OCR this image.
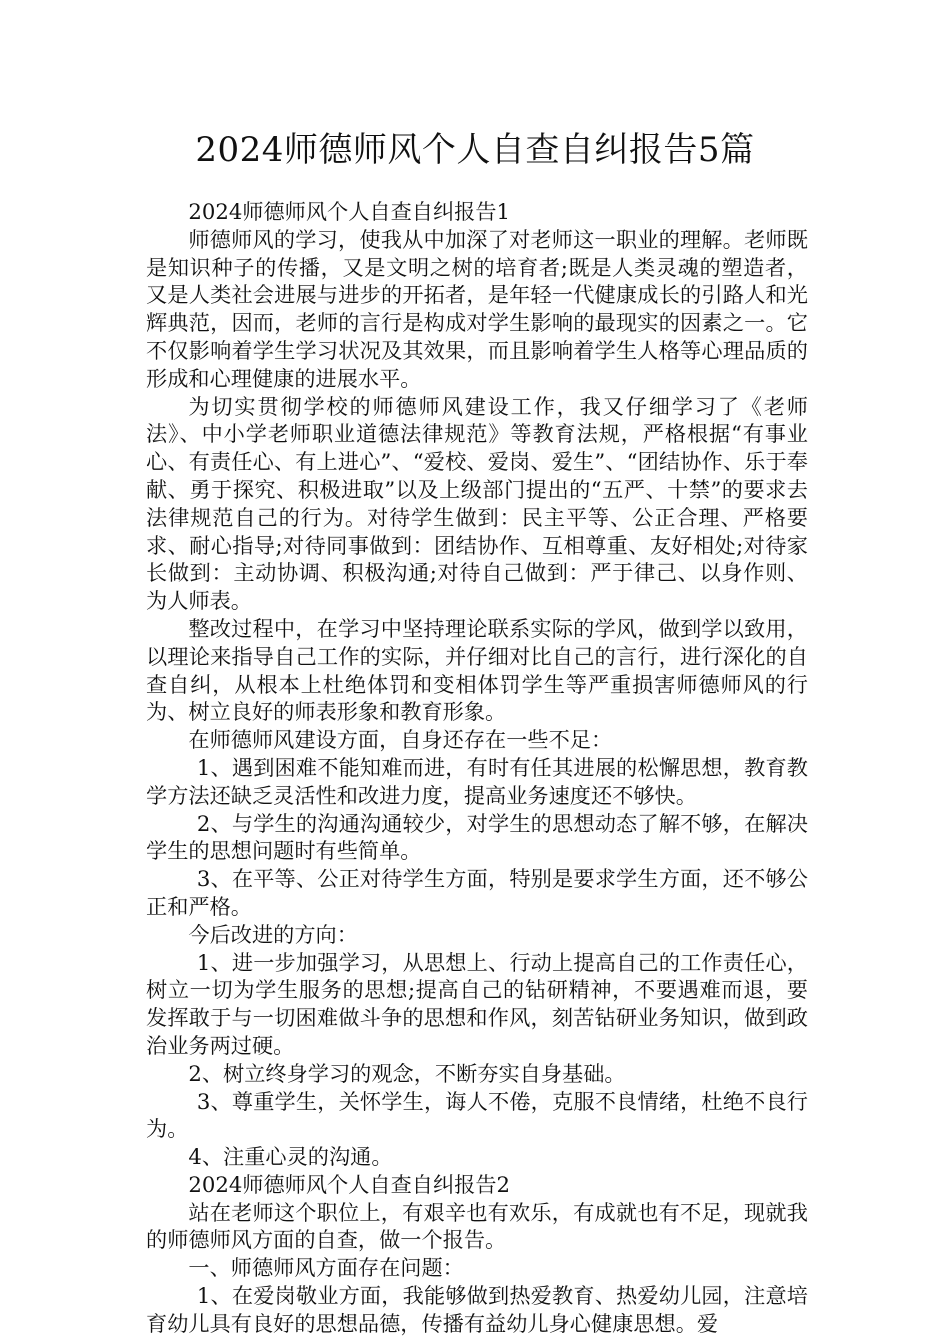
2024师德师风个人自查自纠报告5篇

2024师德师风个人自查自纠报告1

师德师风的学习，使我从中加深了对老师这一职业的理解。老师既是知识种子的传播，又是文明之树的培育者;既是人类灵魂的塑造者，又是人类社会进展与进步的开拓者，是年轻一代健康成长的引路人和光辉典范，因而，老师的言行是构成对学生影响的最现实的因素之一。它不仅影响着学生学习状况及其效果，而且影响着学生人格等心理品质的形成和心理健康的进展水平。

为切实贯彻学校的师德师风建设工作，我又仔细学习了《老师法》、中小学老师职业道德法律规范》等教育法规，严格根据“有事业心、有责任心、有上进心”、“爱校、爱岗、爱生”、“团结协作、乐于奉献、勇于探究、积极进取”以及上级部门提出的“五严、十禁”的要求去法律规范自己的行为。对待学生做到：民主平等、公正合理、严格要求、耐心指导;对待同事做到：团结协作、互相尊重、友好相处;对待家长做到：主动协调、积极沟通;对待自己做到：严于律己、以身作则、为人师表。

整改过程中，在学习中坚持理论联系实际的学风，做到学以致用，以理论来指导自己工作的实际，并仔细对比自己的言行，进行深化的自查自纠，从根本上杜绝体罚和变相体罚学生等严重损害师德师风的行为、树立良好的师表形象和教育形象。

在师德师风建设方面，自身还存在一些不足：

1、遇到困难不能知难而进，有时有任其进展的松懈思想，教育教学方法还缺乏灵活性和改进力度，提高业务速度还不够快。

2、与学生的沟通沟通较少，对学生的思想动态了解不够，在解决学生的思想问题时有些简单。

3、在平等、公正对待学生方面，特别是要求学生方面，还不够公正和严格。

今后改进的方向：

1、进一步加强学习，从思想上、行动上提高自己的工作责任心，树立一切为学生服务的思想;提高自己的钻研精神，不要遇难而退，要发挥敢于与一切困难做斗争的思想和作风，刻苦钻研业务知识，做到政治业务两过硬。

2、树立终身学习的观念，不断夯实自身基础。

3、尊重学生，关怀学生，诲人不倦，克服不良情绪，杜绝不良行为。

4、注重心灵的沟通。

2024师德师风个人自查自纠报告2

站在老师这个职位上，有艰辛也有欢乐，有成就也有不足，现就我的师德师风方面的自查，做一个报告。

一、师德师风方面存在问题：

1、在爱岗敬业方面，我能够做到热爱教育、热爱幼儿园，注意培育幼儿具有良好的思想品德，传播有益幼儿身心健康思想。爱
